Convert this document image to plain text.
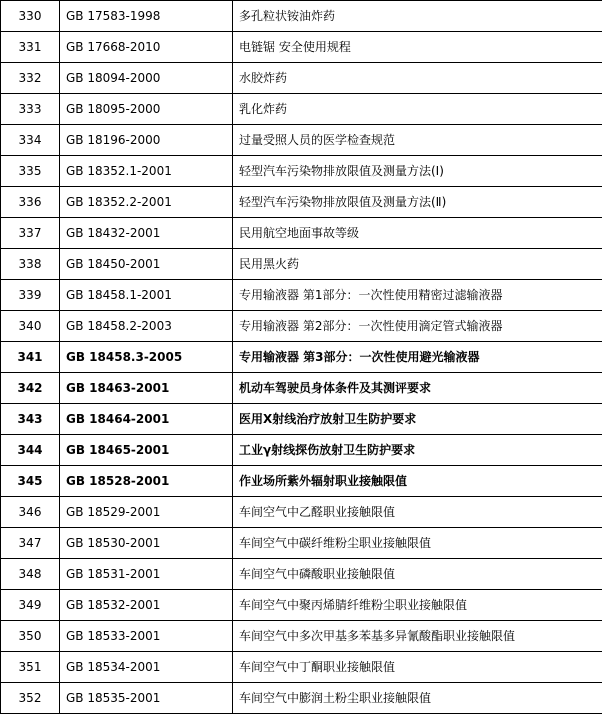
330	GB 17583-1998	多孔粒状铵油炸药
331	GB 17668-2010	电链锯 安全使用规程
332	GB 18094-2000	水胶炸药
333	GB 18095-2000	乳化炸药
334	GB 18196-2000	过量受照人员的医学检查规范
335	GB 18352.1-2001	轻型汽车污染物排放限值及测量方法(I)
336	GB 18352.2-2001	轻型汽车污染物排放限值及测量方法(Ⅱ)
337	GB 18432-2001	民用航空地面事故等级
338	GB 18450-2001	民用黑火药
339	GB 18458.1-2001	专用输液器 第1部分：一次性使用精密过滤输液器
340	GB 18458.2-2003	专用输液器 第2部分：一次性使用滴定管式输液器
341	GB 18458.3-2005	专用输液器 第3部分：一次性使用避光输液器
342	GB 18463-2001	机动车驾驶员身体条件及其测评要求
343	GB 18464-2001	医用X射线治疗放射卫生防护要求
344	GB 18465-2001	工业γ射线探伤放射卫生防护要求
345	GB 18528-2001	作业场所紫外辐射职业接触限值
346	GB 18529-2001	车间空气中乙醛职业接触限值
347	GB 18530-2001	车间空气中碳纤维粉尘职业接触限值
348	GB 18531-2001	车间空气中磷酸职业接触限值
349	GB 18532-2001	车间空气中聚丙烯腈纤维粉尘职业接触限值
350	GB 18533-2001	车间空气中多次甲基多苯基多异氰酸酯职业接触限值
351	GB 18534-2001	车间空气中丁酮职业接触限值
352	GB 18535-2001	车间空气中膨润土粉尘职业接触限值
